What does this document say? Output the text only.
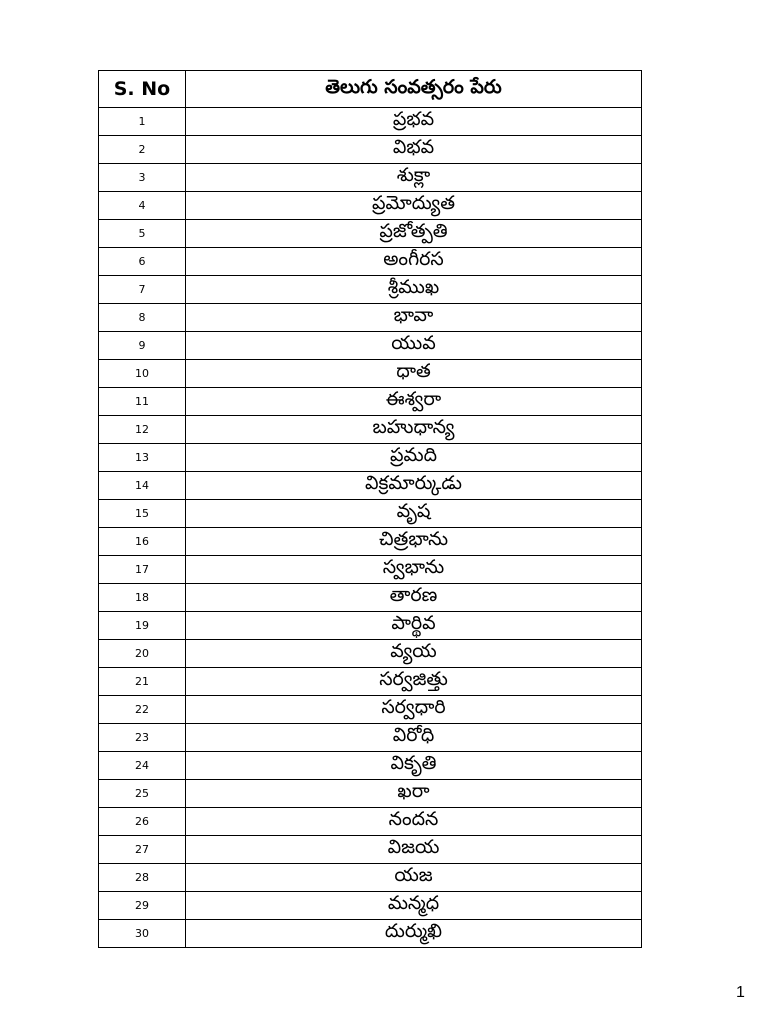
S. No	తెలుగు సంవత్సరం పేరు
1	ప్రభవ
2	విభవ
3	శుక్లా
4	ప్రమోద్యుత
5	ప్రజోత్పతి
6	అంగీరస
7	శ్రీముఖ
8	భావా
9	యువ
10	ధాత
11	ఈశ్వరా
12	బహుధాన్య
13	ప్రమది
14	విక్రమార్కుడు
15	వృష
16	చిత్రభాను
17	స్వభాను
18	తారణ
19	పార్థివ
20	వ్యయ
21	సర్వజిత్తు
22	సర్వధారి
23	విరోధి
24	వికృతి
25	ఖరా
26	నందన
27	విజయ
28	యజ
29	మన్మధ
30	దుర్ముఖి
1
